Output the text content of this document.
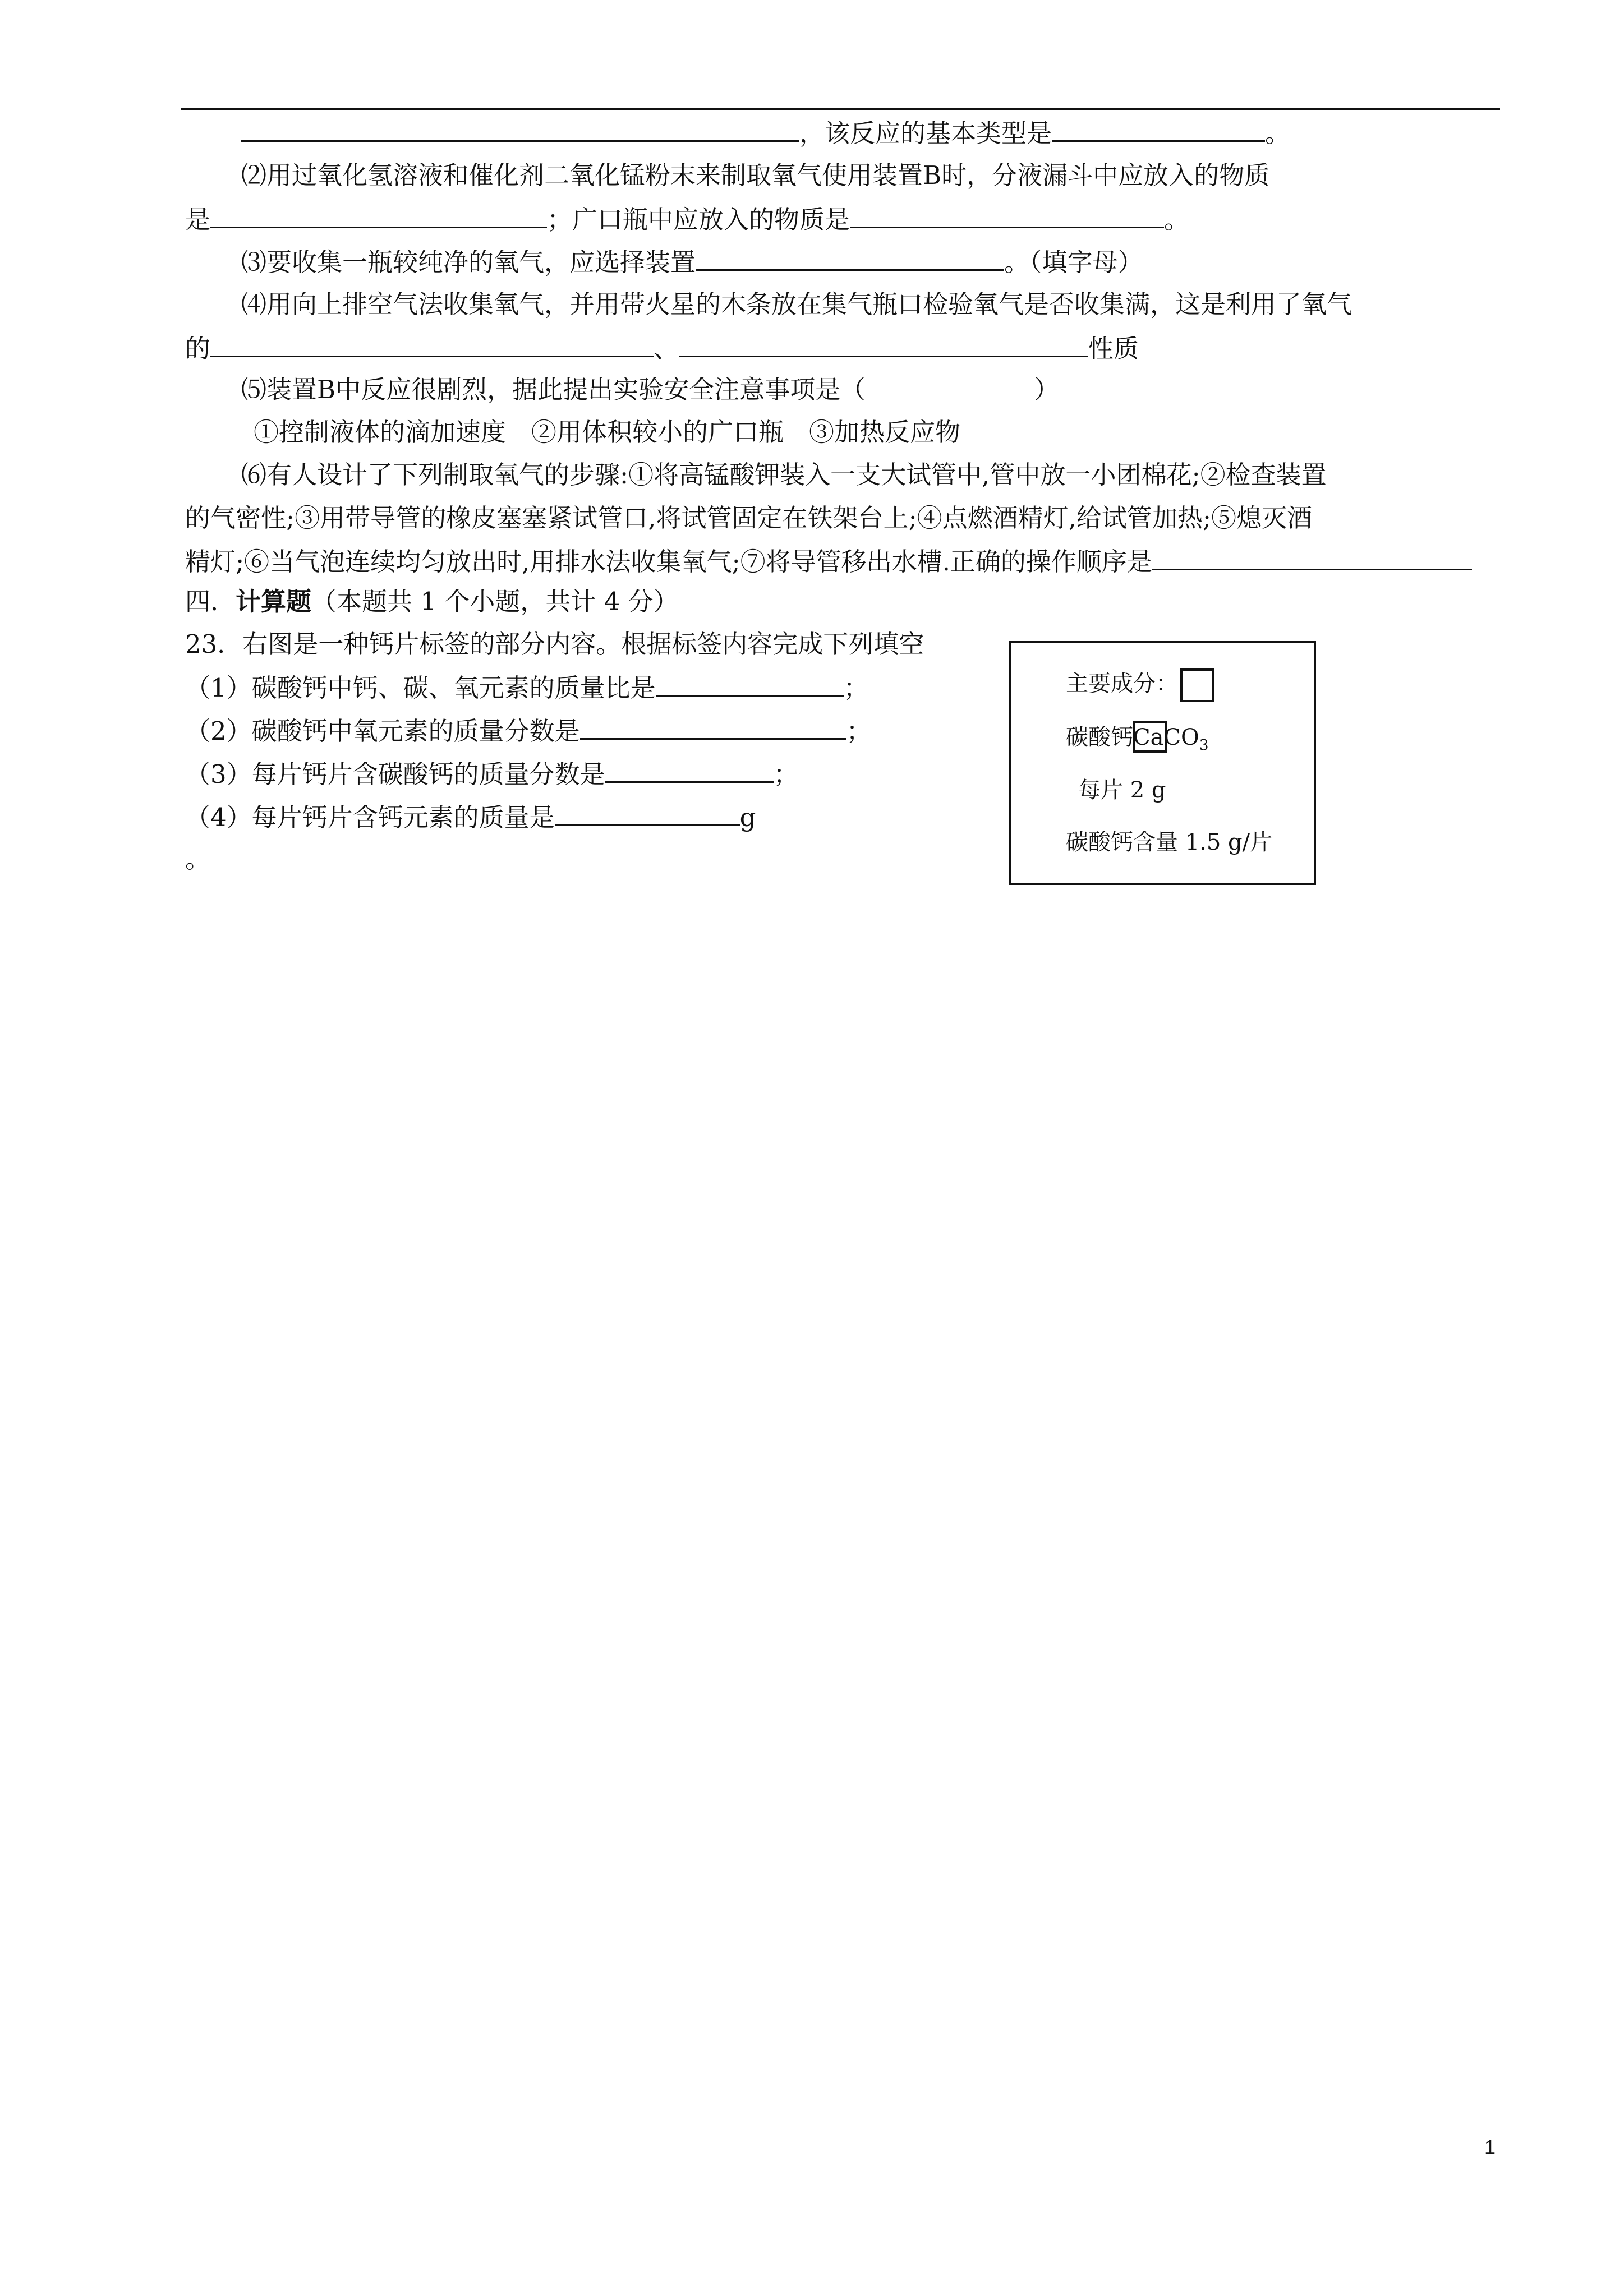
，该反应的基本类型是	。
⑵用过氧化氢溶液和催化剂二氧化锰粉末来制取氧气使用装置B时，分液漏斗中应放入的物质
是	；广口瓶中应放入的物质是	。
⑶要收集一瓶较纯净的氧气，应选择装置	。（填字母）
⑷用向上排空气法收集氧气，并用带火星的木条放在集气瓶口检验氧气是否收集满，这是利用了氧气
的	、	性质
⑸装置B中反应很剧烈，据此提出实验安全注意事项是（	）
①控制液体的滴加速度　②用体积较小的广口瓶　③加热反应物
⑹有人设计了下列制取氧气的步骤:①将高锰酸钾装入一支大试管中,管中放一小团棉花;②检查装置
的气密性;③用带导管的橡皮塞塞紧试管口,将试管固定在铁架台上;④点燃酒精灯,给试管加热;⑤熄灭酒
精灯;⑥当气泡连续均匀放出时,用排水法收集氧气;⑦将导管移出水槽.正确的操作顺序是
四．计算题（本题共 1 个小题，共计 4 分）
23．右图是一种钙片标签的部分内容。根据标签内容完成下列填空
（1）碳酸钙中钙、碳、氧元素的质量比是	；
（2）碳酸钙中氧元素的质量分数是	；
（3）每片钙片含碳酸钙的质量分数是	；
（4）每片钙片含钙元素的质量是	g
。
主要成分：
碳酸钙
CaCO$_3$
每片 2 g
碳酸钙含量 1.5 g/片
1
